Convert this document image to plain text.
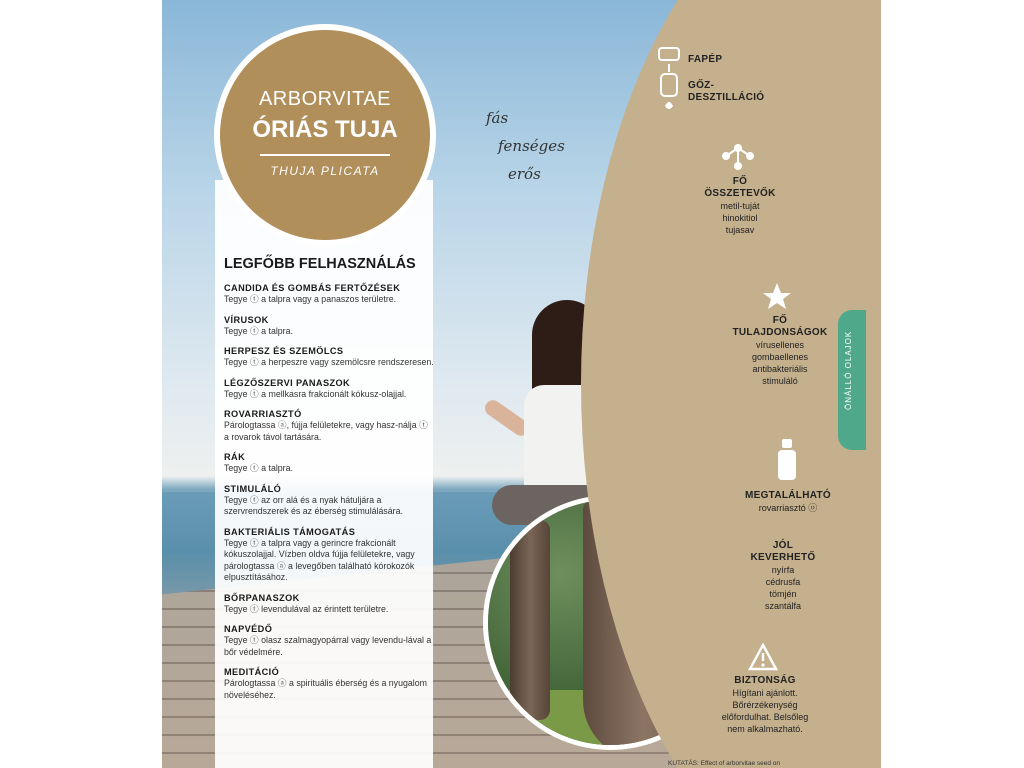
ARBORVITAE
ÓRIÁS TUJA
THUJA PLICATA
fás
fenséges
erős
LEGFŐBB FELHASZNÁLÁS
CANDIDA ÉS GOMBÁS FERTŐZÉSEK
Tegye ⓣ a talpra vagy a panaszos területre.
VÍRUSOK
Tegye ⓣ a talpra.
HERPESZ ÉS SZEMÖLCS
Tegye ⓣ a herpeszre vagy szemölcsre rendszeresen.
LÉGZŐSZERVI PANASZOK
Tegye ⓣ a mellkasra frakcionált kókusz-olajjal.
ROVARRIASZTÓ
Párologtassa ⓐ, fújja felületekre, vagy hasz-nálja ⓣ a rovarok távol tartására.
RÁK
Tegye ⓣ a talpra.
STIMULÁLÓ
Tegye ⓣ az orr alá és a nyak hátuljára a szervrendszerek és az éberség stimulálására.
BAKTERIÁLIS TÁMOGATÁS
Tegye ⓣ a talpra vagy a gerincre frakcionált kókuszolajjal. Vízben oldva fújja felületekre, vagy párologtassa ⓐ a levegőben található kórokozók elpusztításához.
BŐRPANASZOK
Tegye ⓣ levendulával az érintett területre.
NAPVÉDŐ
Tegye ⓣ olasz szalmagyopárral vagy levendu-lával a bőr védelmére.
MEDITÁCIÓ
Párologtassa ⓐ a spirituális éberség és a nyugalom növeléséhez.
FAPÉP
GŐZ-
DESZTILLÁCIÓ
FŐ
ÖSSZETEVŐK
metil-tuját
hinokitiol
tujasav
FŐ
TULAJDONSÁGOK
vírusellenes
gombaellenes
antibakteriális
stimuláló
MEGTALÁLHATÓ
rovarriasztó ⓞ
JÓL
KEVERHETŐ
nyírfa
cédrusfa
tömjén
szantálfa
BIZTONSÁG
Hígítani ajánlott.
Bőrérzékenység
előfordulhat. Belsőleg
nem alkalmazható.
ÖNÁLLÓ OLAJOK
KUTATÁS: Effect of arborvitae seed on
